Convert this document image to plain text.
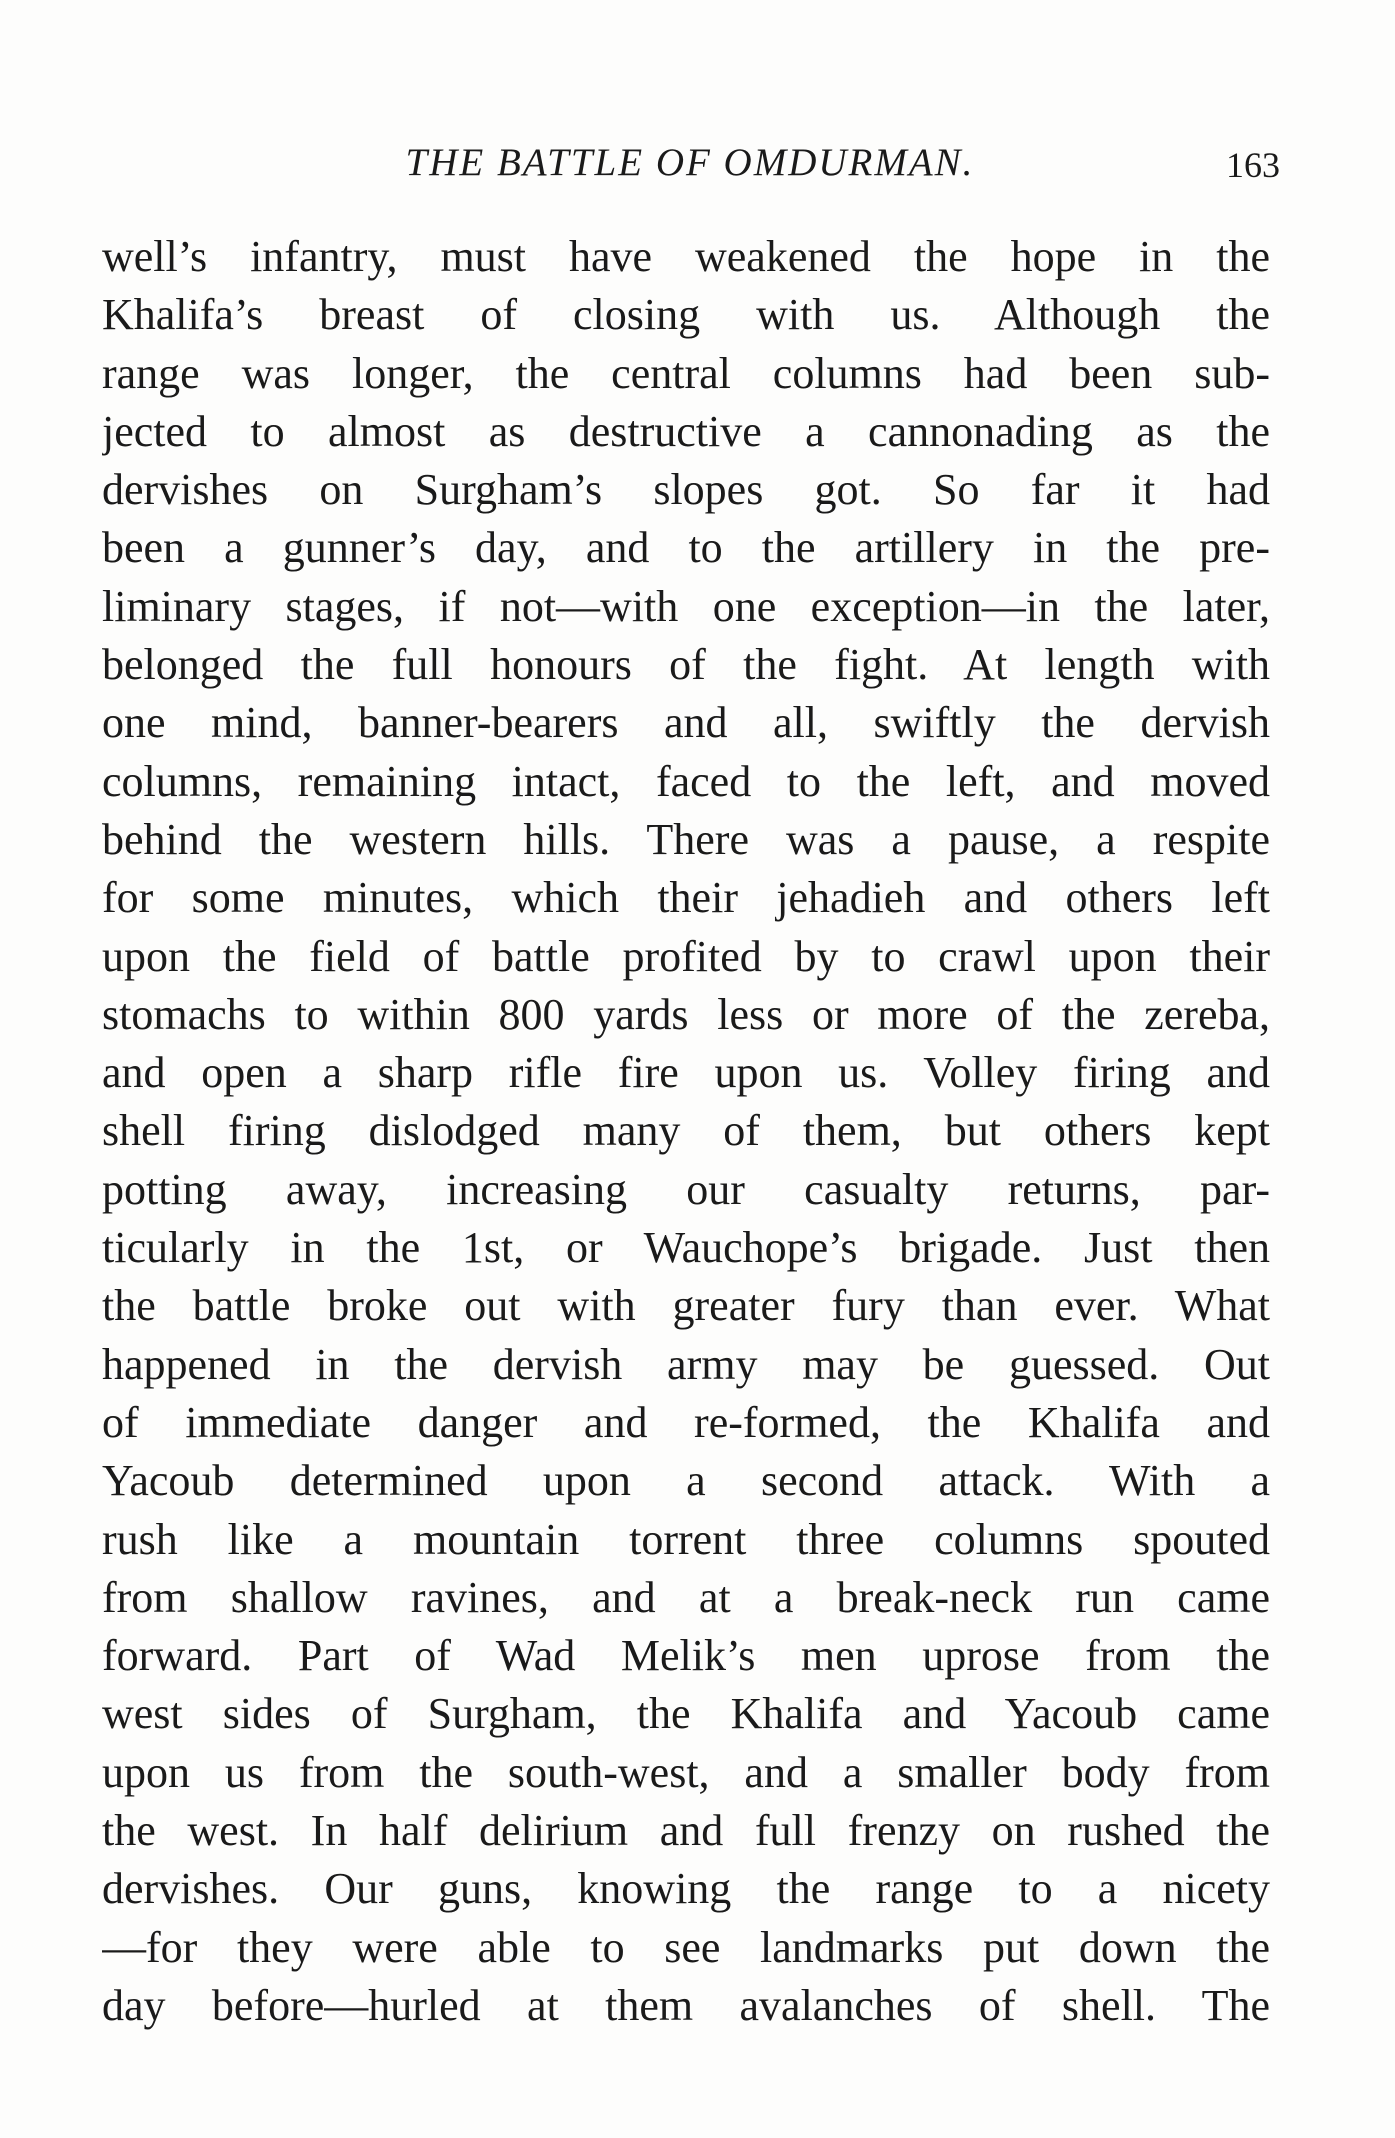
THE BATTLE OF OMDURMAN.	163
well’s infantry, must have weakened the hope in the
Khalifa’s breast of closing with us. Although the
range was longer, the central columns had been sub-
jected to almost as destructive a cannonading as the
dervishes on Surgham’s slopes got. So far it had
been a gunner’s day, and to the artillery in the pre-
liminary stages, if not—with one exception—in the later,
belonged the full honours of the fight. At length with
one mind, banner-bearers and all, swiftly the dervish
columns, remaining intact, faced to the left, and moved
behind the western hills. There was a pause, a respite
for some minutes, which their jehadieh and others left
upon the field of battle profited by to crawl upon their
stomachs to within 800 yards less or more of the zereba,
and open a sharp rifle fire upon us. Volley firing and
shell firing dislodged many of them, but others kept
potting away, increasing our casualty returns, par-
ticularly in the 1st, or Wauchope’s brigade. Just then
the battle broke out with greater fury than ever. What
happened in the dervish army may be guessed. Out
of immediate danger and re-formed, the Khalifa and
Yacoub determined upon a second attack. With a
rush like a mountain torrent three columns spouted
from shallow ravines, and at a break-neck run came
forward. Part of Wad Melik’s men uprose from the
west sides of Surgham, the Khalifa and Yacoub came
upon us from the south-west, and a smaller body from
the west. In half delirium and full frenzy on rushed the
dervishes. Our guns, knowing the range to a nicety
—for they were able to see landmarks put down the
day before—hurled at them avalanches of shell. The
